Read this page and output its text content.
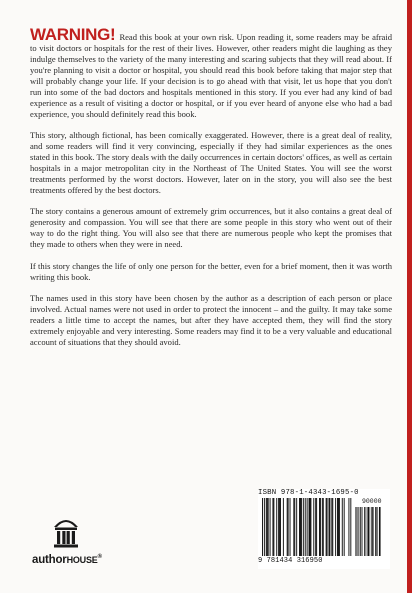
WARNING! Read this book at your own risk. Upon reading it, some readers may be afraid to visit doctors or hospitals for the rest of their lives. However, other readers might die laughing as they indulge themselves to the variety of the many interesting and scaring subjects that they will read about. If you're planning to visit a doctor or hospital, you should read this book before taking that major step that will probably change your life. If your decision is to go ahead with that visit, let us hope that you don't run into some of the bad doctors and hospitals mentioned in this story. If you ever had any kind of bad experience as a result of visiting a doctor or hospital, or if you ever heard of anyone else who had a bad experience, you should definitely read this book.

This story, although fictional, has been comically exaggerated. However, there is a great deal of reality, and some readers will find it very convincing, especially if they had similar experiences as the ones stated in this book. The story deals with the daily occurrences in certain doctors' offices, as well as certain hospitals in a major metropolitan city in the Northeast of The United States. You will see the worst treatments performed by the worst doctors. However, later on in the story, you will also see the best treatments offered by the best doctors.

The story contains a generous amount of extremely grim occurrences, but it also contains a great deal of generosity and compassion. You will see that there are some people in this story who went out of their way to do the right thing. You will also see that there are numerous people who kept the promises that they made to others when they were in need.

If this story changes the life of only one person for the better, even for a brief moment, then it was worth writing this book.

The names used in this story have been chosen by the author as a description of each person or place involved. Actual names were not used in order to protect the innocent – and the guilty. It may take some readers a little time to accept the names, but after they have accepted them, they will find the story extremely enjoyable and very interesting. Some readers may find it to be a very valuable and educational account of situations that they should avoid.

authorHOUSE®
ISBN 978-1-4343-1695-0
90000
9 781434 316950
